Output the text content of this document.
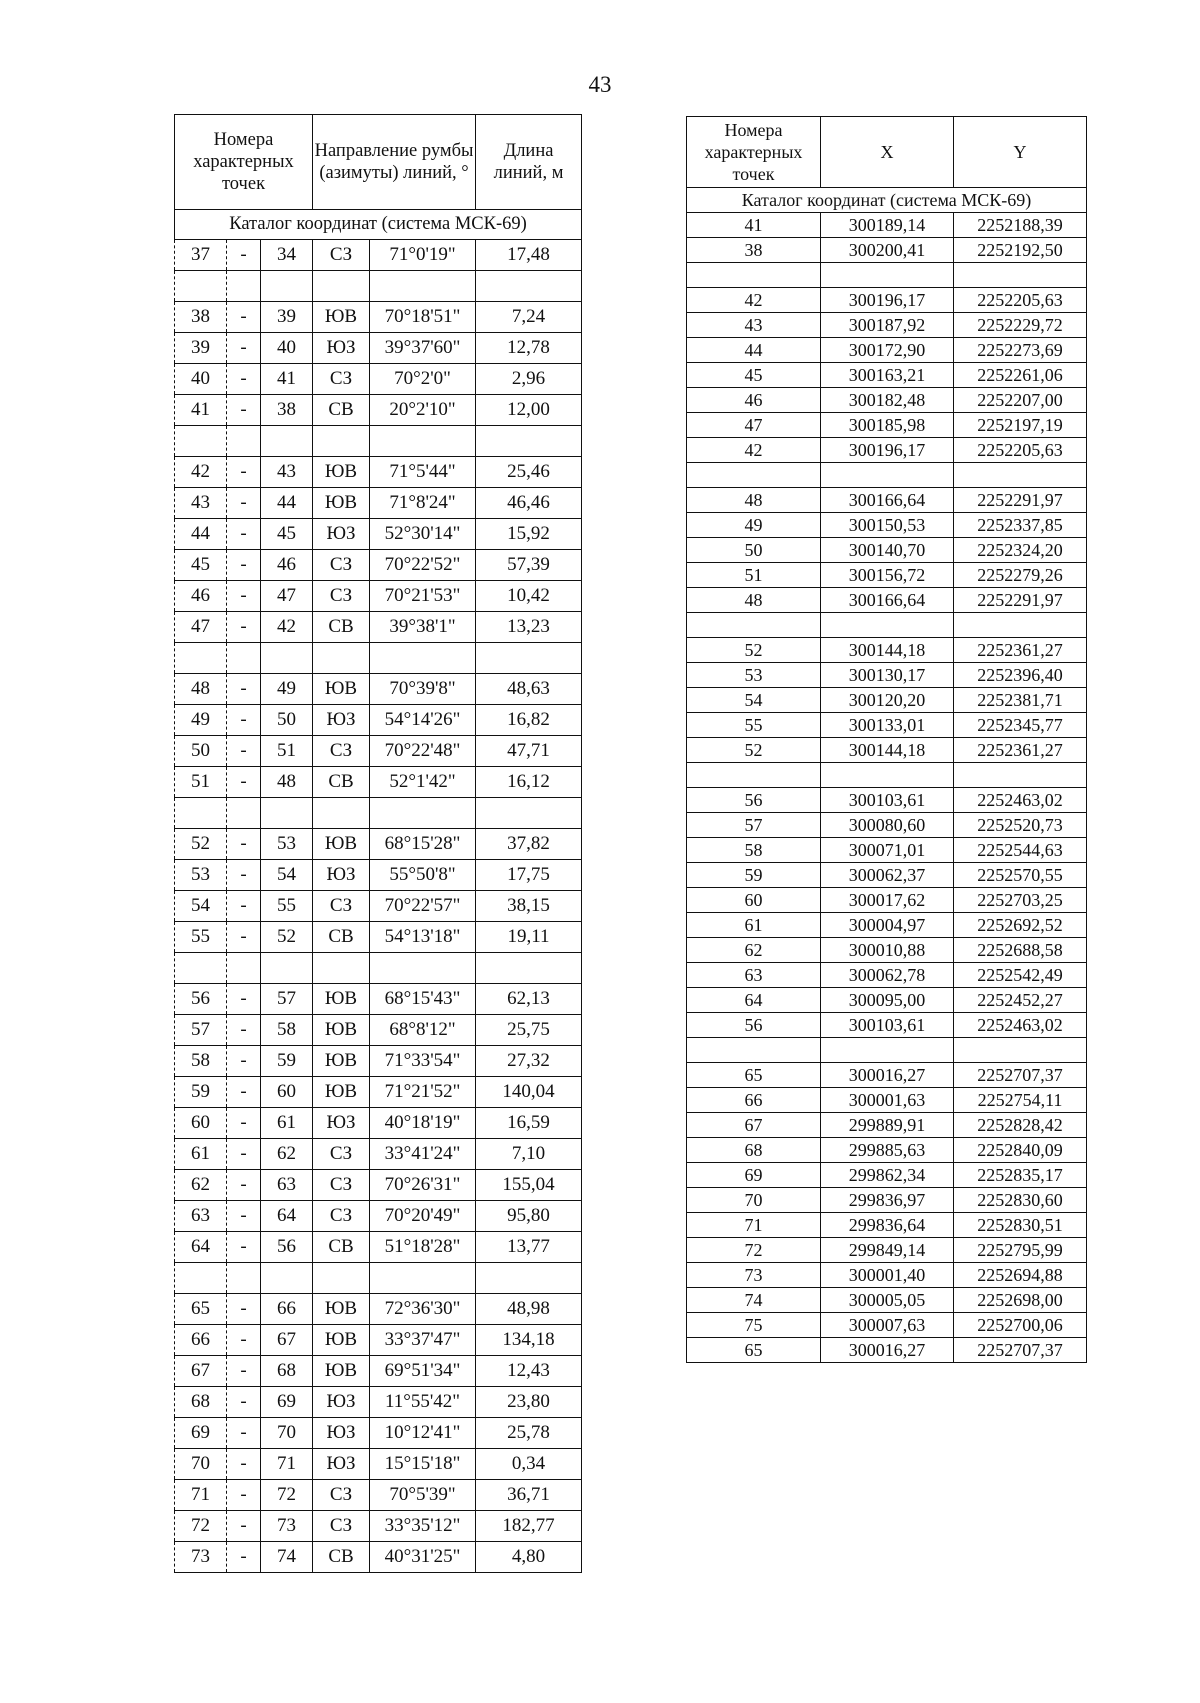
43
Номера характерных точек			Направление румбы (азимуты) линий, °		Длина линий, м
Каталог координат (система МСК-69)					
37	-	34	СЗ	71°0'19"	17,48

38	-	39	ЮВ	70°18'51"	7,24
39	-	40	ЮЗ	39°37'60"	12,78
40	-	41	СЗ	70°2'0"	2,96
41	-	38	СВ	20°2'10"	12,00

42	-	43	ЮВ	71°5'44"	25,46
43	-	44	ЮВ	71°8'24"	46,46
44	-	45	ЮЗ	52°30'14"	15,92
45	-	46	СЗ	70°22'52"	57,39
46	-	47	СЗ	70°21'53"	10,42
47	-	42	СВ	39°38'1"	13,23

48	-	49	ЮВ	70°39'8"	48,63
49	-	50	ЮЗ	54°14'26"	16,82
50	-	51	СЗ	70°22'48"	47,71
51	-	48	СВ	52°1'42"	16,12

52	-	53	ЮВ	68°15'28"	37,82
53	-	54	ЮЗ	55°50'8"	17,75
54	-	55	СЗ	70°22'57"	38,15
55	-	52	СВ	54°13'18"	19,11

56	-	57	ЮВ	68°15'43"	62,13
57	-	58	ЮВ	68°8'12"	25,75
58	-	59	ЮВ	71°33'54"	27,32
59	-	60	ЮВ	71°21'52"	140,04
60	-	61	ЮЗ	40°18'19"	16,59
61	-	62	СЗ	33°41'24"	7,10
62	-	63	СЗ	70°26'31"	155,04
63	-	64	СЗ	70°20'49"	95,80
64	-	56	СВ	51°18'28"	13,77

65	-	66	ЮВ	72°36'30"	48,98
66	-	67	ЮВ	33°37'47"	134,18
67	-	68	ЮВ	69°51'34"	12,43
68	-	69	ЮЗ	11°55'42"	23,80
69	-	70	ЮЗ	10°12'41"	25,78
70	-	71	ЮЗ	15°15'18"	0,34
71	-	72	СЗ	70°5'39"	36,71
72	-	73	СЗ	33°35'12"	182,77
73	-	74	СВ	40°31'25"	4,80
Номера характерных точек	X	Y
Каталог координат (система МСК-69)		
41	300189,14	2252188,39
38	300200,41	2252192,50

42	300196,17	2252205,63
43	300187,92	2252229,72
44	300172,90	2252273,69
45	300163,21	2252261,06
46	300182,48	2252207,00
47	300185,98	2252197,19
42	300196,17	2252205,63

48	300166,64	2252291,97
49	300150,53	2252337,85
50	300140,70	2252324,20
51	300156,72	2252279,26
48	300166,64	2252291,97

52	300144,18	2252361,27
53	300130,17	2252396,40
54	300120,20	2252381,71
55	300133,01	2252345,77
52	300144,18	2252361,27

56	300103,61	2252463,02
57	300080,60	2252520,73
58	300071,01	2252544,63
59	300062,37	2252570,55
60	300017,62	2252703,25
61	300004,97	2252692,52
62	300010,88	2252688,58
63	300062,78	2252542,49
64	300095,00	2252452,27
56	300103,61	2252463,02

65	300016,27	2252707,37
66	300001,63	2252754,11
67	299889,91	2252828,42
68	299885,63	2252840,09
69	299862,34	2252835,17
70	299836,97	2252830,60
71	299836,64	2252830,51
72	299849,14	2252795,99
73	300001,40	2252694,88
74	300005,05	2252698,00
75	300007,63	2252700,06
65	300016,27	2252707,37
